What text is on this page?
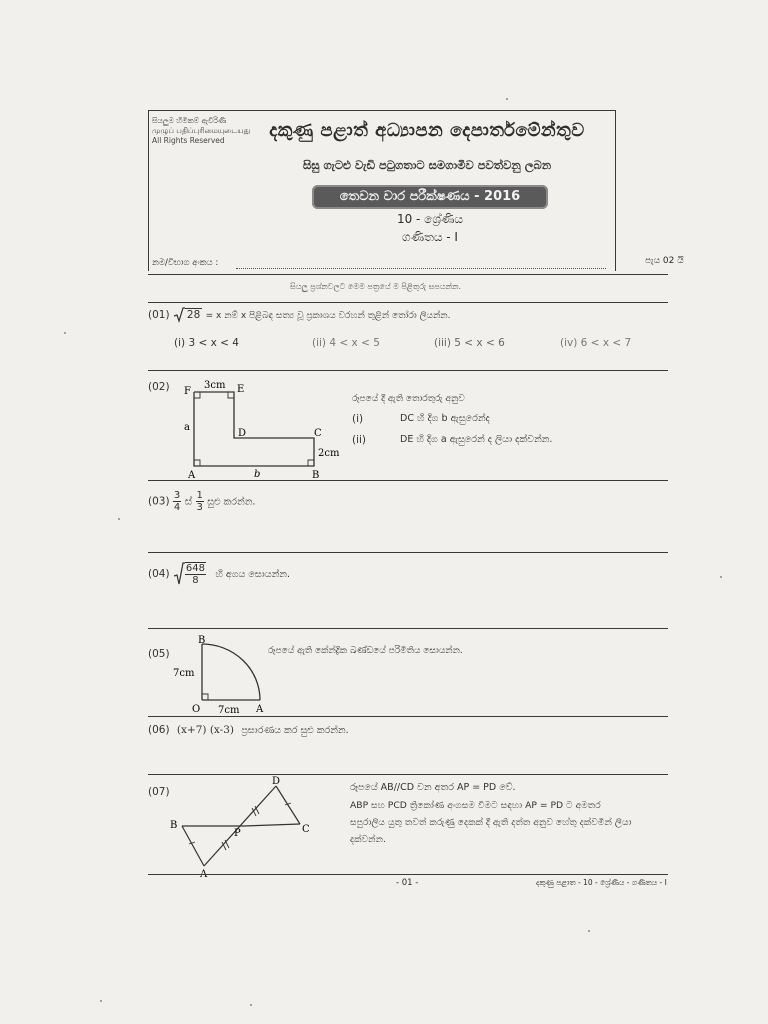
සියලුම හිමිකම් ඇවිරිණි
முழுப் பதிப்புரிமையுடையது
All Rights Reserved	දකුණු පළාත් අධ්‍යාපන දෙපාර්තමේන්තුව
සිසු ගැටළු වැඩි පටුගතාට සමගාමීව පවත්වනු ලබන
තෙවන වාර පරීක්ෂණය - 2016
10 - ශ්‍රේණිය
ගණිතය - I
නම/විභාග අංකය :	පැය 02 යි
සියලු ප්‍රශ්නවලට මෙම පත්‍රයේ ම පිළිතුරු සපයන්න.
(01) 28 = x නම් x පිළිබඳ සත්‍ය වූ ප්‍රකාශය වරහන් තුළින් තෝරා ලියන්න.
(i) 3 < x < 4	(ii) 4 < x < 5	(iii) 5 < x < 6	(iv) 6 < x < 7
(02) F	E
3cm
a
D	C
2cm
A	b	B
රූපයේ දී ඇති තොරතුරු අනුව
(i)	DC හි දිග b ඇසුරෙන්ද
(ii)	DE හි දිග a ඇසුරෙන් ද ලියා දක්වන්න.
$(03) \frac{3}{4}$ ස් $\frac{1}{3}$ සුළු කරන්න.
$(04) \frac{648}{8}$ හි අගය සොයන්න.
(05)
B
7cm
O 7cm A
රූපයේ ඇති කේන්ද්‍රික ඛණ්ඩයේ පරිමිතිය සොයන්න.
(06) (x+7) (x-3) ප්‍රසාරණය කර සුළු කරන්න.
(07)
D
B
P	C
A
රූපයේ AB//CD වන අතර AP = PD වේ.
ABP සහ PCD ත්‍රිකෝණ අංගසම වීමට සඳහා AP = PD ට අමතර
සපුරාලිය යුතු තවත් කරුණු දෙකක් දී ඇති දත්ත අනුව හේතු දක්වමින් ලියා
දක්වන්න.
- 01 -	දකුණු පළාත - 10 - ශ්‍රේණිය - ගණිතය - I
